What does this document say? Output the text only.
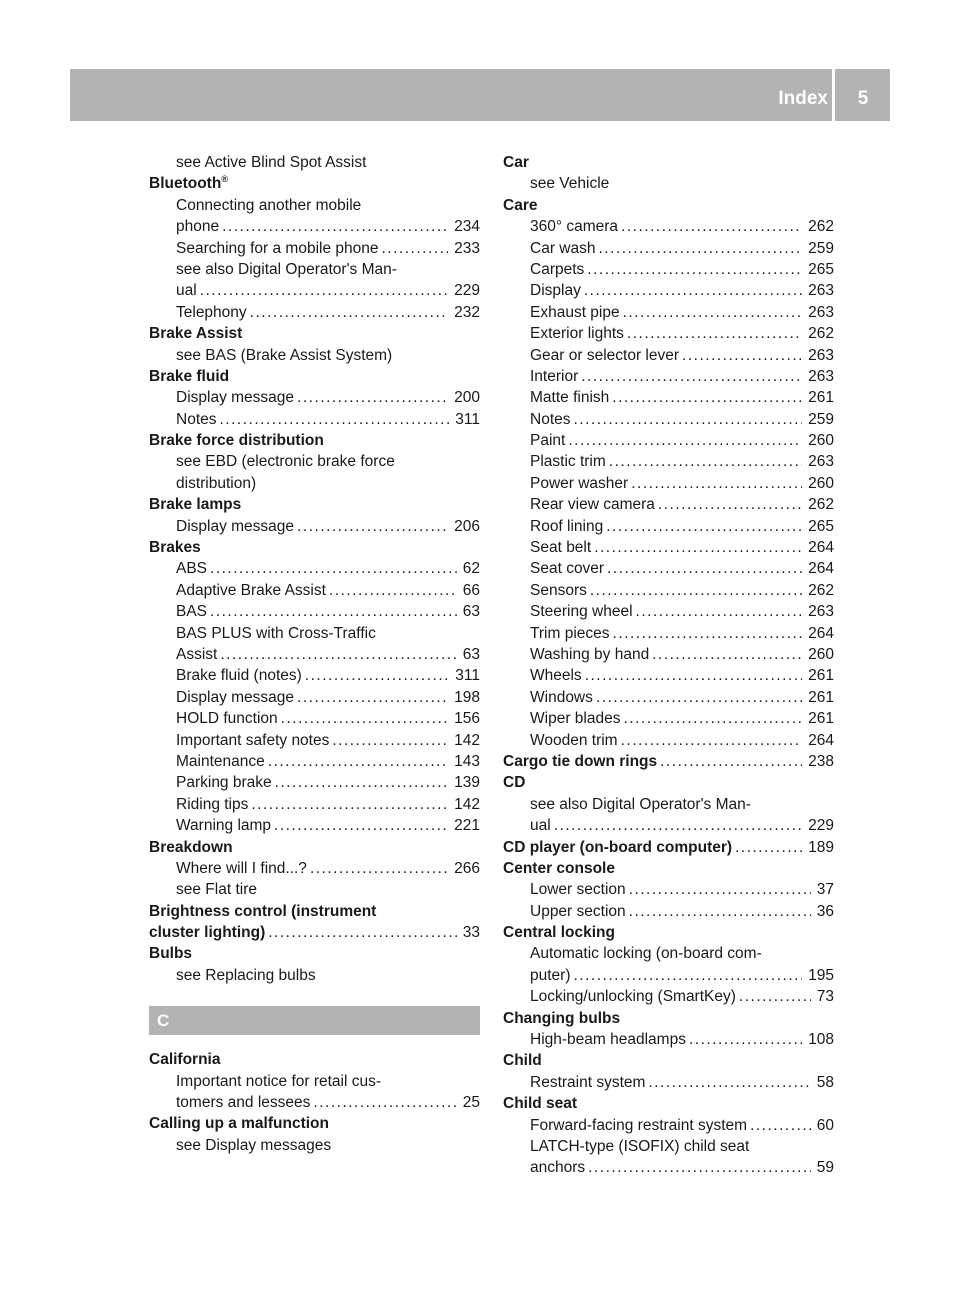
Index	5
see Active Blind Spot Assist
Bluetooth®
Connecting another mobile
phone .....	234
Searching for a mobile phone .....	233
see also Digital Operator's Man-
ual .....	229
Telephony .....	232
Brake Assist
see BAS (Brake Assist System)
Brake fluid
Display message .....	200
Notes .....	311
Brake force distribution
see EBD (electronic brake force
distribution)
Brake lamps
Display message .....	206
Brakes
ABS .....	62
Adaptive Brake Assist .....	66
BAS .....	63
BAS PLUS with Cross-Traffic
Assist .....	63
Brake fluid (notes) .....	311
Display message .....	198
HOLD function .....	156
Important safety notes .....	142
Maintenance .....	143
Parking brake .....	139
Riding tips .....	142
Warning lamp .....	221
Breakdown
Where will I find...? .....	266
see Flat tire
Brightness control (instrument
cluster lighting) .....	33
Bulbs
see Replacing bulbs
C
California
Important notice for retail cus-
tomers and lessees .....	25
Calling up a malfunction
see Display messages
Car
see Vehicle
Care
360° camera .....	262
Car wash .....	259
Carpets .....	265
Display .....	263
Exhaust pipe .....	263
Exterior lights .....	262
Gear or selector lever .....	263
Interior .....	263
Matte finish .....	261
Notes .....	259
Paint .....	260
Plastic trim .....	263
Power washer .....	260
Rear view camera .....	262
Roof lining .....	265
Seat belt .....	264
Seat cover .....	264
Sensors .....	262
Steering wheel .....	263
Trim pieces .....	264
Washing by hand .....	260
Wheels .....	261
Windows .....	261
Wiper blades .....	261
Wooden trim .....	264
Cargo tie down rings .....	238
CD
see also Digital Operator's Man-
ual .....	229
CD player (on-board computer) .....	189
Center console
Lower section .....	37
Upper section .....	36
Central locking
Automatic locking (on-board com-
puter) .....	195
Locking/unlocking (SmartKey) .....	73
Changing bulbs
High-beam headlamps .....	108
Child
Restraint system .....	58
Child seat
Forward-facing restraint system .....	60
LATCH-type (ISOFIX) child seat
anchors .....	59
